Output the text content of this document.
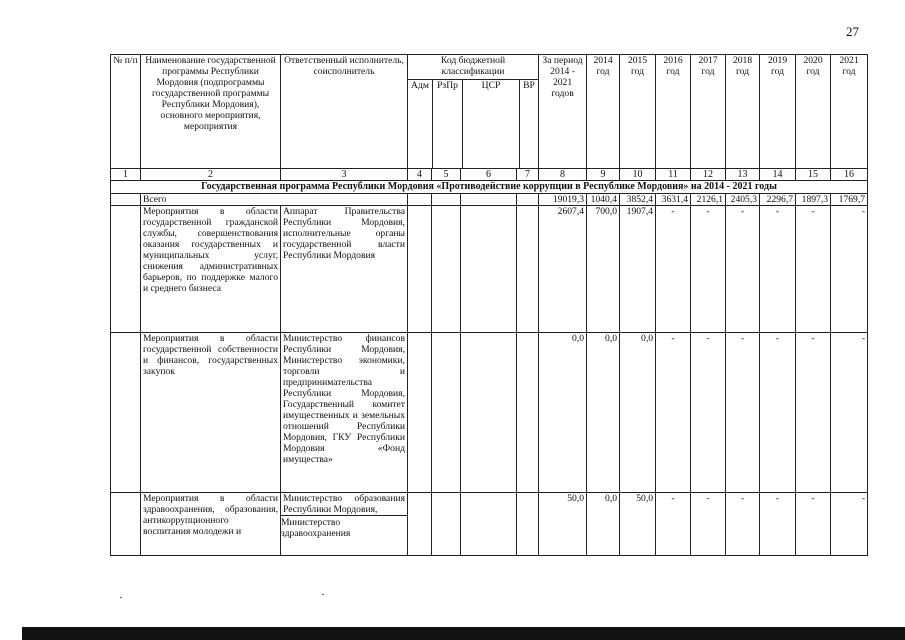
27
№ п/п	Наименование государственной программы Республики Мордовия (подпрограммы государственной программы Республики Мордовия), основного мероприятия, мероприятия	Ответственный исполнитель, соисполнитель	Код бюджетной классификации
Адм РзПр ЦСР ВР				За период 2014 - 2021 годов	2014 год	2015 год	2016 год	2017 год	2018 год	2019 год	2020 год	2021 год
1	2	3	4	5	6	7	8	9	10	11	12	13	14	15	16
Государственная программа Республики Мордовия «Противодействие коррупции в Республике Мордовия» на 2014 - 2021 годы															
	Всего						19019,3	1040,4	3852,4	3631,4	2126,1	2405,3	2296,7	1897,3	1769,7
	Мероприятия в области государственной гражданской службы, совершенствования оказания государственных и муниципальных услуг, снижения административных барьеров, по поддержке малого и среднего бизнеса	Аппарат Правительства Республики Мордовия, исполнительные органы государственной власти Республики Мордовия					2607,4	700,0	1907,4	-	-	-	-	-	-
	Мероприятия в области государственной собственности и финансов, государственных закупок	Министерство финансов Республики Мордовия, Министерство экономики, торговли и предпринимательства Республики Мордовия, Государственный комитет имущественных и земельных отношений Республики Мордовия, ГКУ Республики Мордовия «Фонд имущества»					0,0	0,0	0,0	-	-	-	-	-	-
	Мероприятия в области здравоохранения, образования, антикоррупционного воспитания молодежи и	Министерство образования Республики Мордовия,
Министерство здравоохранения					50,0	0,0	50,0	-	-	-	-	-	-
